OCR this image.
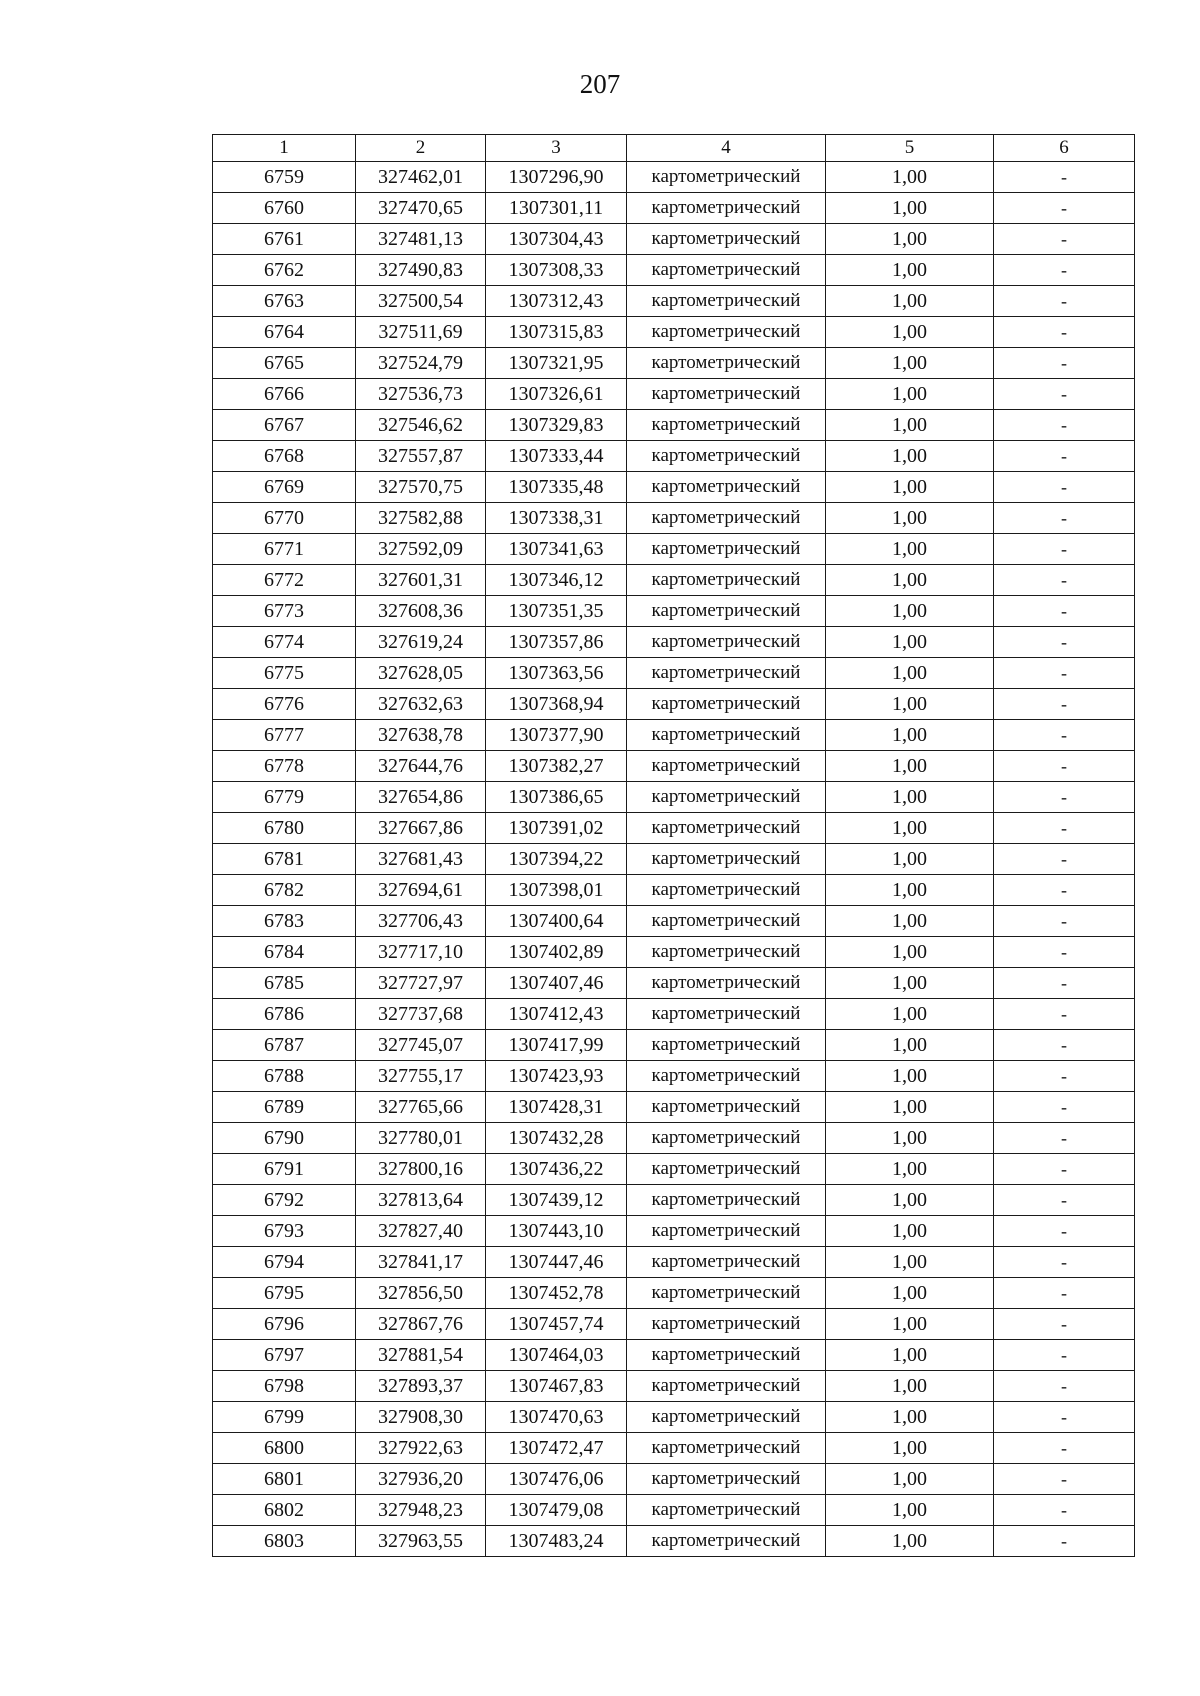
207
1	2	3	4	5	6
6759	327462,01	1307296,90	картометрический	1,00	-
6760	327470,65	1307301,11	картометрический	1,00	-
6761	327481,13	1307304,43	картометрический	1,00	-
6762	327490,83	1307308,33	картометрический	1,00	-
6763	327500,54	1307312,43	картометрический	1,00	-
6764	327511,69	1307315,83	картометрический	1,00	-
6765	327524,79	1307321,95	картометрический	1,00	-
6766	327536,73	1307326,61	картометрический	1,00	-
6767	327546,62	1307329,83	картометрический	1,00	-
6768	327557,87	1307333,44	картометрический	1,00	-
6769	327570,75	1307335,48	картометрический	1,00	-
6770	327582,88	1307338,31	картометрический	1,00	-
6771	327592,09	1307341,63	картометрический	1,00	-
6772	327601,31	1307346,12	картометрический	1,00	-
6773	327608,36	1307351,35	картометрический	1,00	-
6774	327619,24	1307357,86	картометрический	1,00	-
6775	327628,05	1307363,56	картометрический	1,00	-
6776	327632,63	1307368,94	картометрический	1,00	-
6777	327638,78	1307377,90	картометрический	1,00	-
6778	327644,76	1307382,27	картометрический	1,00	-
6779	327654,86	1307386,65	картометрический	1,00	-
6780	327667,86	1307391,02	картометрический	1,00	-
6781	327681,43	1307394,22	картометрический	1,00	-
6782	327694,61	1307398,01	картометрический	1,00	-
6783	327706,43	1307400,64	картометрический	1,00	-
6784	327717,10	1307402,89	картометрический	1,00	-
6785	327727,97	1307407,46	картометрический	1,00	-
6786	327737,68	1307412,43	картометрический	1,00	-
6787	327745,07	1307417,99	картометрический	1,00	-
6788	327755,17	1307423,93	картометрический	1,00	-
6789	327765,66	1307428,31	картометрический	1,00	-
6790	327780,01	1307432,28	картометрический	1,00	-
6791	327800,16	1307436,22	картометрический	1,00	-
6792	327813,64	1307439,12	картометрический	1,00	-
6793	327827,40	1307443,10	картометрический	1,00	-
6794	327841,17	1307447,46	картометрический	1,00	-
6795	327856,50	1307452,78	картометрический	1,00	-
6796	327867,76	1307457,74	картометрический	1,00	-
6797	327881,54	1307464,03	картометрический	1,00	-
6798	327893,37	1307467,83	картометрический	1,00	-
6799	327908,30	1307470,63	картометрический	1,00	-
6800	327922,63	1307472,47	картометрический	1,00	-
6801	327936,20	1307476,06	картометрический	1,00	-
6802	327948,23	1307479,08	картометрический	1,00	-
6803	327963,55	1307483,24	картометрический	1,00	-
